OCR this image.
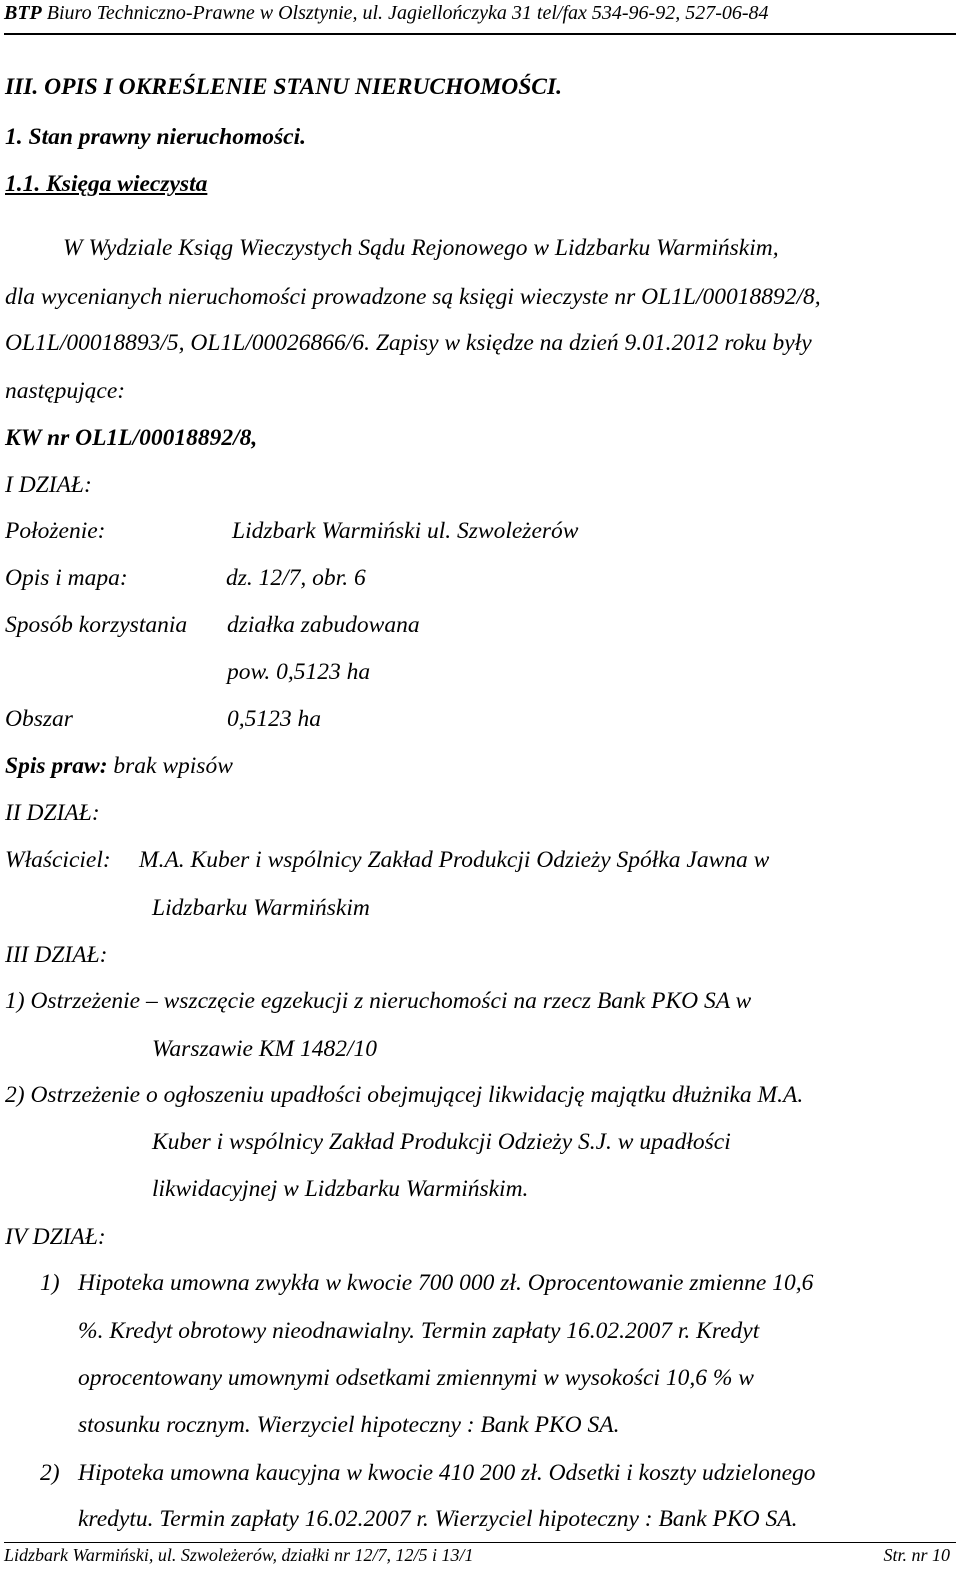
BTP Biuro Techniczno-Prawne w Olsztynie, ul. Jagiellończyka 31 tel/fax 534-96-92, 527-06-84
III. OPIS I OKREŚLENIE STANU NIERUCHOMOŚCI.
1. Stan prawny nieruchomości.
1.1. Księga wieczysta
W Wydziale Ksiąg Wieczystych Sądu Rejonowego w Lidzbarku Warmińskim,
dla wycenianych nieruchomości prowadzone są księgi wieczyste nr OL1L/00018892/8,
OL1L/00018893/5, OL1L/00026866/6. Zapisy w księdze na dzień 9.01.2012 roku były
następujące:
KW nr OL1L/00018892/8,
I DZIAŁ:
Położenie:	Lidzbark Warmiński ul. Szwoleżerów
Opis i mapa:	dz. 12/7, obr. 6
Sposób korzystania działka zabudowana
pow. 0,5123 ha
Obszar	0,5123 ha
Spis praw: brak wpisów
II DZIAŁ:
Właściciel: M.A. Kuber i wspólnicy Zakład Produkcji Odzieży Spółka Jawna w
Lidzbarku Warmińskim
III DZIAŁ:
1) Ostrzeżenie – wszczęcie egzekucji z nieruchomości na rzecz Bank PKO SA w
Warszawie KM 1482/10
2) Ostrzeżenie o ogłoszeniu upadłości obejmującej likwidację majątku dłużnika M.A.
Kuber i wspólnicy Zakład Produkcji Odzieży S.J. w upadłości
likwidacyjnej w Lidzbarku Warmińskim.
IV DZIAŁ:
1) Hipoteka umowna zwykła w kwocie 700 000 zł. Oprocentowanie zmienne 10,6
%. Kredyt obrotowy nieodnawialny. Termin zapłaty 16.02.2007 r. Kredyt
oprocentowany umownymi odsetkami zmiennymi w wysokości 10,6 % w
stosunku rocznym. Wierzyciel hipoteczny : Bank PKO SA.
2) Hipoteka umowna kaucyjna w kwocie 410 200 zł. Odsetki i koszty udzielonego
kredytu. Termin zapłaty 16.02.2007 r. Wierzyciel hipoteczny : Bank PKO SA.
Lidzbark Warmiński, ul. Szwoleżerów, działki nr 12/7, 12/5 i 13/1	Str. nr 10
